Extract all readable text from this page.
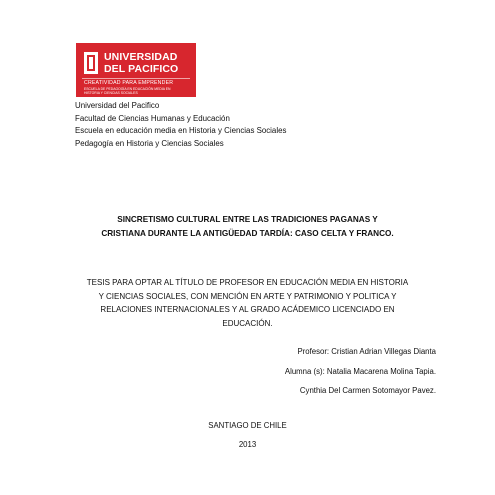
UNIVERSIDAD
DEL PACIFICO
CREATIVIDAD PARA EMPRENDER
ESCUELA DE PEDAGOGÍA EN EDUCACIÓN MEDIA EN
HISTORIA Y CIENCIAS SOCIALES
Universidad del Pacifico
Facultad de Ciencias Humanas y Educación
Escuela en educación media en Historia y Ciencias Sociales
Pedagogía en Historia y Ciencias Sociales
SINCRETISMO CULTURAL ENTRE LAS TRADICIONES PAGANAS Y
CRISTIANA DURANTE LA ANTIGÜEDAD TARDÍA: CASO CELTA Y FRANCO.
TESIS PARA OPTAR AL TÍTULO DE PROFESOR EN EDUCACIÓN MEDIA EN HISTORIA
Y CIENCIAS SOCIALES, CON MENCIÓN EN ARTE Y PATRIMONIO Y POLITICA Y
RELACIONES INTERNACIONALES Y AL GRADO ACÁDEMICO LICENCIADO EN
EDUCACIÓN.
Profesor: Cristian Adrian Villegas Dianta
Alumna (s): Natalia Macarena Molina Tapia.
Cynthia Del Carmen Sotomayor Pavez.
SANTIAGO DE CHILE
2013
